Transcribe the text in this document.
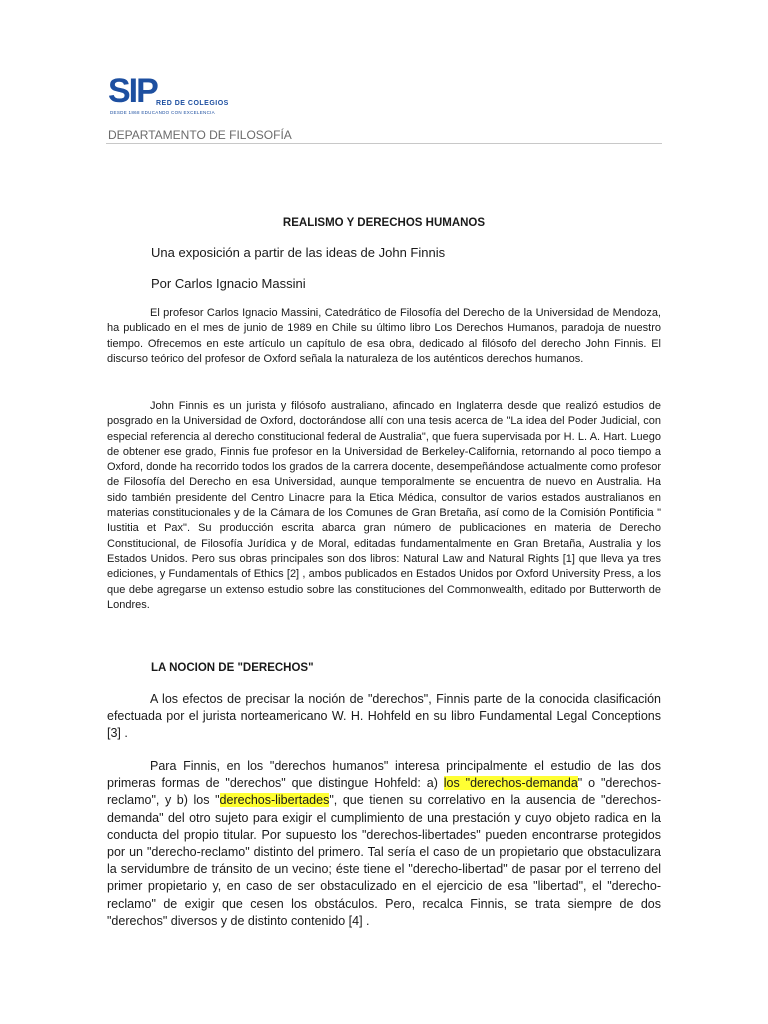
SIP RED DE COLEGIOS
DESDE 1868 EDUCANDO CON EXCELENCIA
DEPARTAMENTO DE FILOSOFÍA
REALISMO Y DERECHOS HUMANOS
Una exposición a partir de las ideas de John Finnis
Por Carlos Ignacio Massini

El profesor Carlos Ignacio Massini, Catedrático de Filosofía del Derecho de la Universidad de Mendoza, ha publicado en el mes de junio de 1989 en Chile su último libro Los Derechos Humanos, paradoja de nuestro tiempo. Ofrecemos en este artículo un capítulo de esa obra, dedicado al filósofo del derecho John Finnis. El discurso teórico del profesor de Oxford señala la naturaleza de los auténticos derechos humanos.

John Finnis es un jurista y filósofo australiano, afincado en Inglaterra desde que realizó estudios de posgrado en la Universidad de Oxford, doctorándose allí con una tesis acerca de "La idea del Poder Judicial, con especial referencia al derecho constitucional federal de Australia", que fuera supervisada por H. L. A. Hart. Luego de obtener ese grado, Finnis fue profesor en la Universidad de Berkeley-California, retornando al poco tiempo a Oxford, donde ha recorrido todos los grados de la carrera docente, desempeñándose actualmente como profesor de Filosofía del Derecho en esa Universidad, aunque temporalmente se encuentra de nuevo en Australia. Ha sido también presidente del Centro Linacre para la Etica Médica, consultor de varios estados australianos en materias constitucionales y de la Cámara de los Comunes de Gran Bretaña, así como de la Comisión Pontificia " Iustitia et Pax". Su producción escrita abarca gran número de publicaciones en materia de Derecho Constitucional, de Filosofía Jurídica y de Moral, editadas fundamentalmente en Gran Bretaña, Australia y los Estados Unidos. Pero sus obras principales son dos libros: Natural Law and Natural Rights [1] que lleva ya tres ediciones, y Fundamentals of Ethics [2] , ambos publicados en Estados Unidos por Oxford University Press, a los que debe agregarse un extenso estudio sobre las constituciones del Commonwealth, editado por Butterworth de Londres.

LA NOCION DE "DERECHOS"

A los efectos de precisar la noción de "derechos", Finnis parte de la conocida clasificación efectuada por el jurista norteamericano W. H. Hohfeld en su libro Fundamental Legal Conceptions [3] .

Para Finnis, en los "derechos humanos" interesa principalmente el estudio de las dos primeras formas de "derechos" que distingue Hohfeld: a) los "derechos-demanda" o "derechos-reclamo", y b) los "derechos-libertades", que tienen su correlativo en la ausencia de "derechos-demanda" del otro sujeto para exigir el cumplimiento de una prestación y cuyo objeto radica en la conducta del propio titular. Por supuesto los "derechos-libertades" pueden encontrarse protegidos por un "derecho-reclamo" distinto del primero. Tal sería el caso de un propietario que obstaculizara la servidumbre de tránsito de un vecino; éste tiene el "derecho-libertad" de pasar por el terreno del primer propietario y, en caso de ser obstaculizado en el ejercicio de esa "libertad", el "derecho-reclamo" de exigir que cesen los obstáculos. Pero, recalca Finnis, se trata siempre de dos "derechos" diversos y de distinto contenido [4] .
